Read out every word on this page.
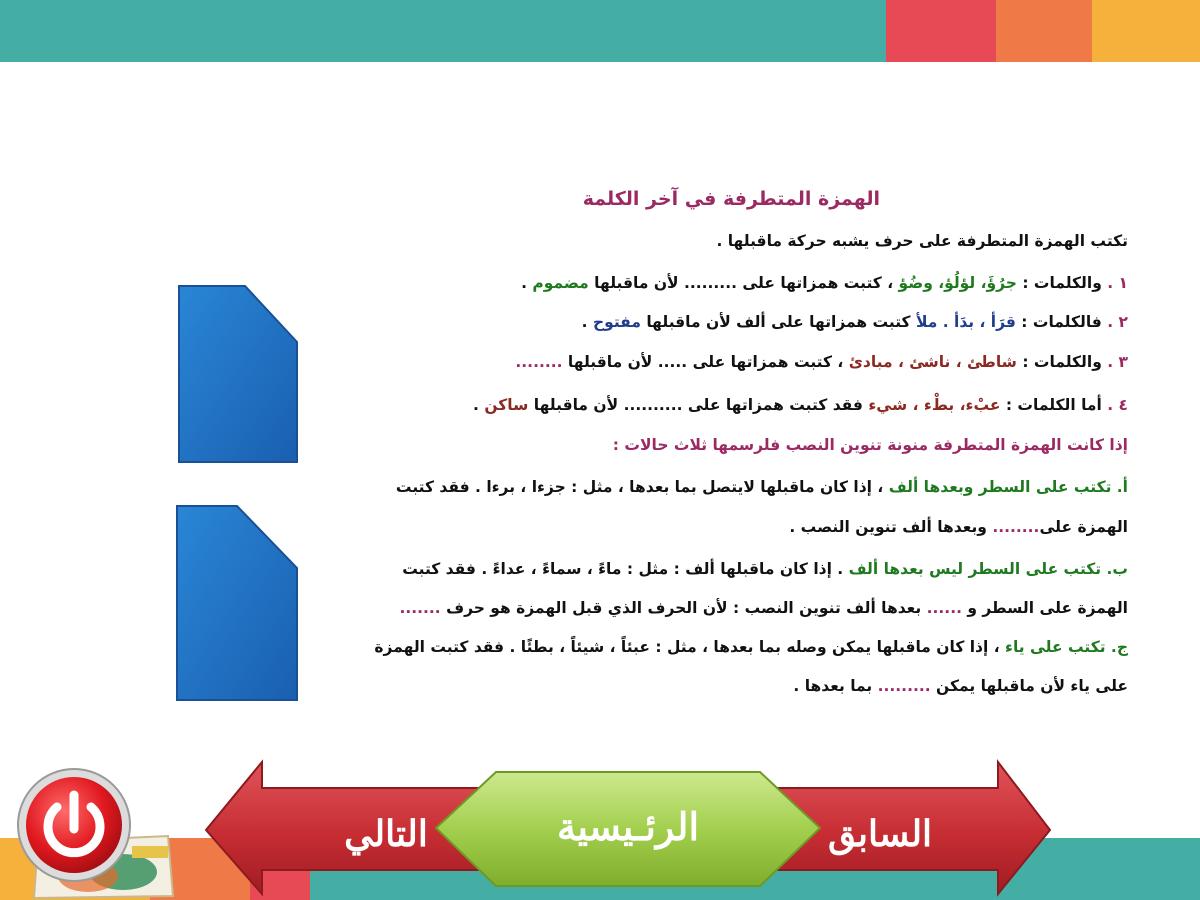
الهمزة المتطرفة في آخر الكلمة
تكتب الهمزة المتطرفة على حرف يشبه حركة ماقبلها .
١ . والكلمات : جرُؤَ، لؤلُؤ، وضُؤ ، كتبت همزاتها على ......... لأن ماقبلها مضموم .
٢ . فالكلمات : قرَأ ، بدَأ . ملأ كتبت همزاتها على ألف لأن ماقبلها مفتوح .
٣ . والكلمات : شاطئ ، ناشئ ، مبادئ ، كتبت همزاتها على ..... لأن ماقبلها ........
٤ . أما الكلمات : عبْء، بطْء ، شيء فقد كتبت همزاتها على .......... لأن ماقبلها ساكن .
إذا كانت الهمزة المتطرفة منونة تنوين النصب فلرسمها ثلاث حالات :
أ. تكتب على السطر وبعدها ألف ، إذا كان ماقبلها لايتصل بما بعدها ، مثل : جزءا ، برءا . فقد كتبت
الهمزة على........ وبعدها ألف تنوين النصب .
ب. تكتب على السطر ليس بعدها ألف . إذا كان ماقبلها ألف : مثل : ماءً ، سماءً ، عداءً . فقد كتبت
الهمزة على السطر و ...... بعدها ألف تنوين النصب : لأن الحرف الذي قبل الهمزة هو حرف .......
ج. تكتب على ياء ، إذا كان ماقبلها يمكن وصله بما بعدها ، مثل : عبئاً ، شيئاً ، بطئًا . فقد كتبت الهمزة
على ياء لأن ماقبلها يمكن ......... بما بعدها .
التالي	الرئـيسية	السابق
